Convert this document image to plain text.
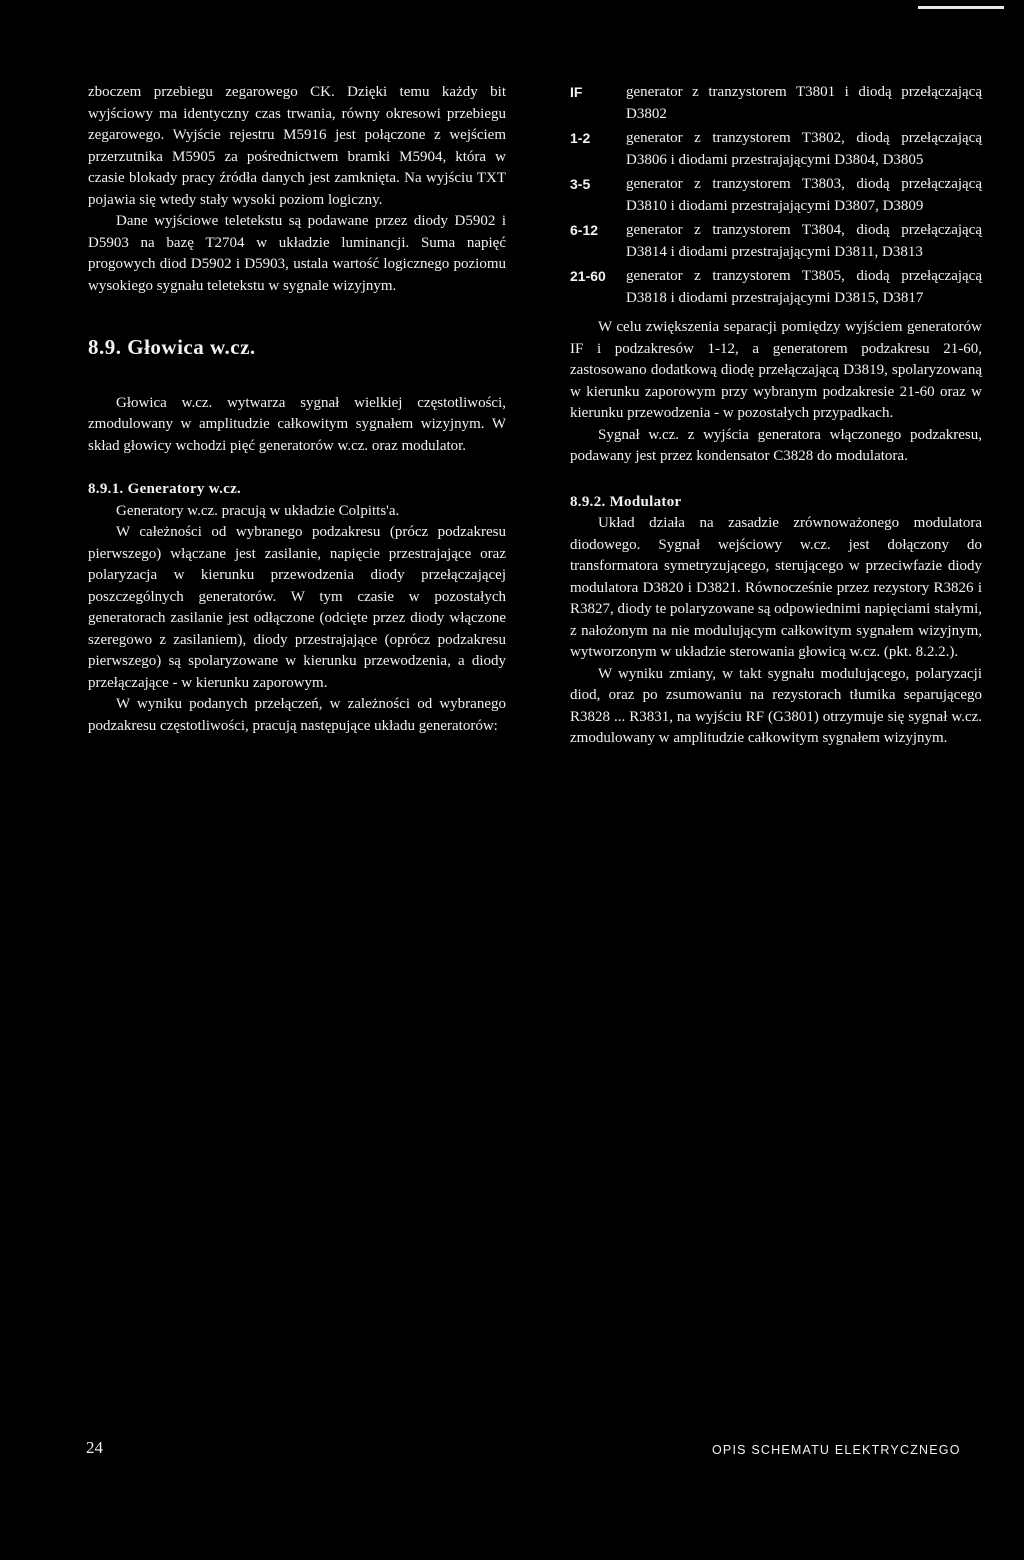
zboczem przebiegu zegarowego CK. Dzięki temu każdy bit wyjściowy ma identyczny czas trwania, równy okresowi przebiegu zegarowego. Wyjście rejestru M5916 jest połączone z wejściem przerzutnika M5905 za pośrednictwem bramki M5904, która w czasie blokady pracy źródła danych jest zamknięta. Na wyjściu TXT pojawia się wtedy stały wysoki poziom logiczny.

Dane wyjściowe teletekstu są podawane przez diody D5902 i D5903 na bazę T2704 w układzie luminancji. Suma napięć progowych diod D5902 i D5903, ustala wartość logicznego poziomu wysokiego sygnału teletekstu w sygnale wizyjnym.

8.9. Głowica w.cz.

Głowica w.cz. wytwarza sygnał wielkiej częstotliwości, zmodulowany w amplitudzie całkowitym sygnałem wizyjnym. W skład głowicy wchodzi pięć generatorów w.cz. oraz modulator.

8.9.1. Generatory w.cz.

Generatory w.cz. pracują w układzie Colpitts'a.

W całeżności od wybranego podzakresu (prócz podzakresu pierwszego) włączane jest zasilanie, napięcie przestrajające oraz polaryzacja w kierunku przewodzenia diody przełączającej poszczególnych generatorów. W tym czasie w pozostałych generatorach zasilanie jest odłączone (odcięte przez diody włączone szeregowo z zasilaniem), diody przestrajające (oprócz podzakresu pierwszego) są spolaryzowane w kierunku przewodzenia, a diody przełączające - w kierunku zaporowym.

W wyniku podanych przełączeń, w zależności od wybranego podzakresu częstotliwości, pracują następujące układu generatorów:

IF	generator z tranzystorem T3801 i diodą przełączającą D3802
1-2	generator z tranzystorem T3802, diodą przełączającą D3806 i diodami przestrajającymi D3804, D3805
3-5	generator z tranzystorem T3803, diodą przełączającą D3810 i diodami przestrajającymi D3807, D3809
6-12	generator z tranzystorem T3804, diodą przełączającą D3814 i diodami przestrajającymi D3811, D3813
21-60	generator z tranzystorem T3805, diodą przełączającą D3818 i diodami przestrajającymi D3815, D3817

W celu zwiększenia separacji pomiędzy wyjściem generatorów IF i podzakresów 1-12, a generatorem podzakresu 21-60, zastosowano dodatkową diodę przełączającą D3819, spolaryzowaną w kierunku zaporowym przy wybranym podzakresie 21-60 oraz w kierunku przewodzenia - w pozostałych przypadkach.

Sygnał w.cz. z wyjścia generatora włączonego podzakresu, podawany jest przez kondensator C3828 do modulatora.

8.9.2. Modulator

Układ działa na zasadzie zrównoważonego modulatora diodowego. Sygnał wejściowy w.cz. jest dołączony do transformatora symetryzującego, sterującego w przeciwfazie diody modulatora D3820 i D3821. Równocześnie przez rezystory R3826 i R3827, diody te polaryzowane są odpowiednimi napięciami stałymi, z nałożonym na nie modulującym całkowitym sygnałem wizyjnym, wytworzonym w układzie sterowania głowicą w.cz. (pkt. 8.2.2.).

W wyniku zmiany, w takt sygnału modulującego, polaryzacji diod, oraz po zsumowaniu na rezystorach tłumika separującego R3828 ... R3831, na wyjściu RF (G3801) otrzymuje się sygnał w.cz. zmodulowany w amplitudzie całkowitym sygnałem wizyjnym.

24	OPIS SCHEMATU ELEKTRYCZNEGO
